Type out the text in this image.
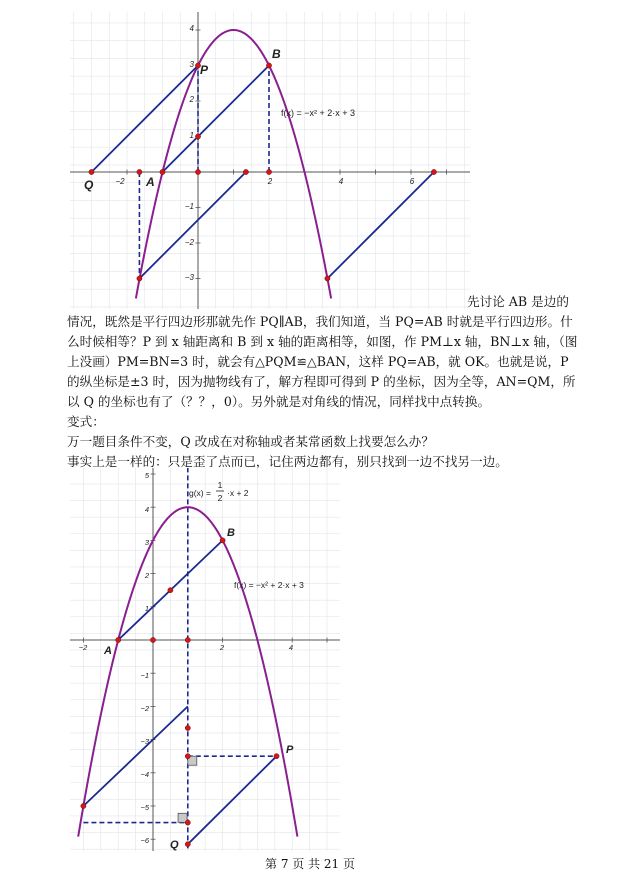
−2	2	4	6
4
3
2
1
−1
−2
−3
f(x) = −x² + 2·x + 3
Q	A
P
B
先讨论 AB 是边的

情况，既然是平行四边形那就先作 PQ∥AB，我们知道，当 PQ=AB 时就是平行四边形。什么时候相等？P 到 x 轴距离和 B 到 x 轴的距离相等，如图，作 PM⊥x 轴，BN⊥x 轴，（图上没画）PM=BN=3 时，就会有△PQM≌△BAN，这样 PQ=AB，就 OK。也就是说，P 的纵坐标是±3 时，因为抛物线有了，解方程即可得到 P 的坐标，因为全等，AN=QM，所以 Q 的坐标也有了（？？，0）。另外就是对角线的情况，同样找中点转换。

变式：
万一题目条件不变，Q 改成在对称轴或者某常函数上找要怎么办？
事实上是一样的：只是歪了点而已，记住两边都有，别只找到一边不找另一边。
−2	2	4
5
4
3
2
1
−1
−2
−3
−4
−5
−6
g(x) =
1
2 ·x + 2
f(x) = −x² + 2·x + 3
A
B
P
Q
第 7 页 共 21 页
